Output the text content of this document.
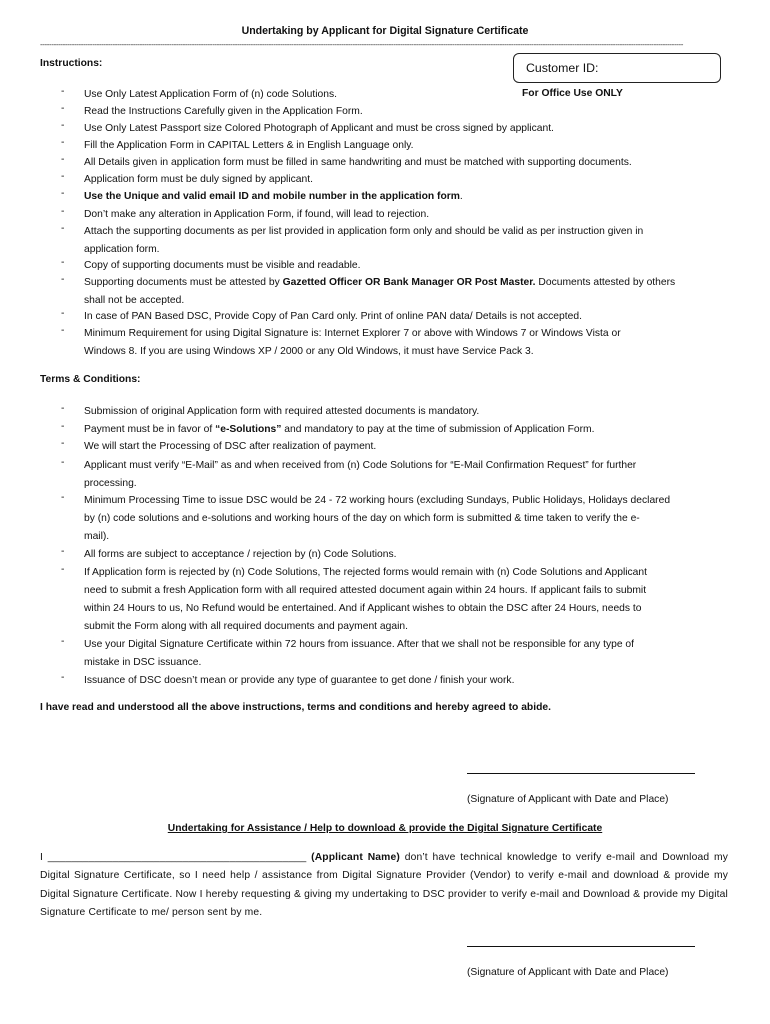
Undertaking by Applicant for Digital Signature Certificate
--------------------------------------------------------------------------------------------------------------------------------------------------------------------------------------------------------------------------------------------------------------------------------------------
Customer ID:
For Office Use ONLY
Instructions:
- Use Only Latest Application Form of (n) code Solutions.
- Read the Instructions Carefully given in the Application Form.
- Use Only Latest Passport size Colored Photograph of Applicant and must be cross signed by applicant.
- Fill the Application Form in CAPITAL Letters & in English Language only.
- All Details given in application form must be filled in same handwriting and must be matched with supporting documents.
- Application form must be duly signed by applicant.
- Use the Unique and valid email ID and mobile number in the application form.
- Don’t make any alteration in Application Form, if found, will lead to rejection.
- Attach the supporting documents as per list provided in application form only and should be valid as per instruction given in
application form.
- Copy of supporting documents must be visible and readable.
- Supporting documents must be attested by Gazetted Officer OR Bank Manager OR Post Master. Documents attested by others
shall not be accepted.
- In case of PAN Based DSC, Provide Copy of Pan Card only. Print of online PAN data/ Details is not accepted.
- Minimum Requirement for using Digital Signature is: Internet Explorer 7 or above with Windows 7 or Windows Vista or
Windows 8. If you are using Windows XP / 2000 or any Old Windows, it must have Service Pack 3.
Terms & Conditions:
- Submission of original Application form with required attested documents is mandatory.
- Payment must be in favor of “e-Solutions” and mandatory to pay at the time of submission of Application Form.
- We will start the Processing of DSC after realization of payment.
- Applicant must verify “E-Mail” as and when received from (n) Code Solutions for “E-Mail Confirmation Request” for further
processing.
- Minimum Processing Time to issue DSC would be 24 - 72 working hours (excluding Sundays, Public Holidays, Holidays declared
by (n) code solutions and e-solutions and working hours of the day on which form is submitted & time taken to verify the e-
mail).
- All forms are subject to acceptance / rejection by (n) Code Solutions.
- If Application form is rejected by (n) Code Solutions, The rejected forms would remain with (n) Code Solutions and Applicant
need to submit a fresh Application form with all required attested document again within 24 hours. If applicant fails to submit
within 24 Hours to us, No Refund would be entertained. And if Applicant wishes to obtain the DSC after 24 Hours, needs to
submit the Form along with all required documents and payment again.
- Use your Digital Signature Certificate within 72 hours from issuance. After that we shall not be responsible for any type of
mistake in DSC issuance.
- Issuance of DSC doesn’t mean or provide any type of guarantee to get done / finish your work.
I have read and understood all the above instructions, terms and conditions and hereby agreed to abide.
(Signature of Applicant with Date and Place)
Undertaking for Assistance / Help to download & provide the Digital Signature Certificate
I ____________________________________________ (Applicant Name) don’t have technical knowledge to verify e-mail and Download my Digital Signature Certificate, so I need help / assistance from Digital Signature Provider (Vendor) to verify e-mail and download & provide my Digital Signature Certificate. Now I hereby requesting & giving my undertaking to DSC provider to verify e-mail and Download & provide my Digital Signature Certificate to me/ person sent by me.
(Signature of Applicant with Date and Place)
